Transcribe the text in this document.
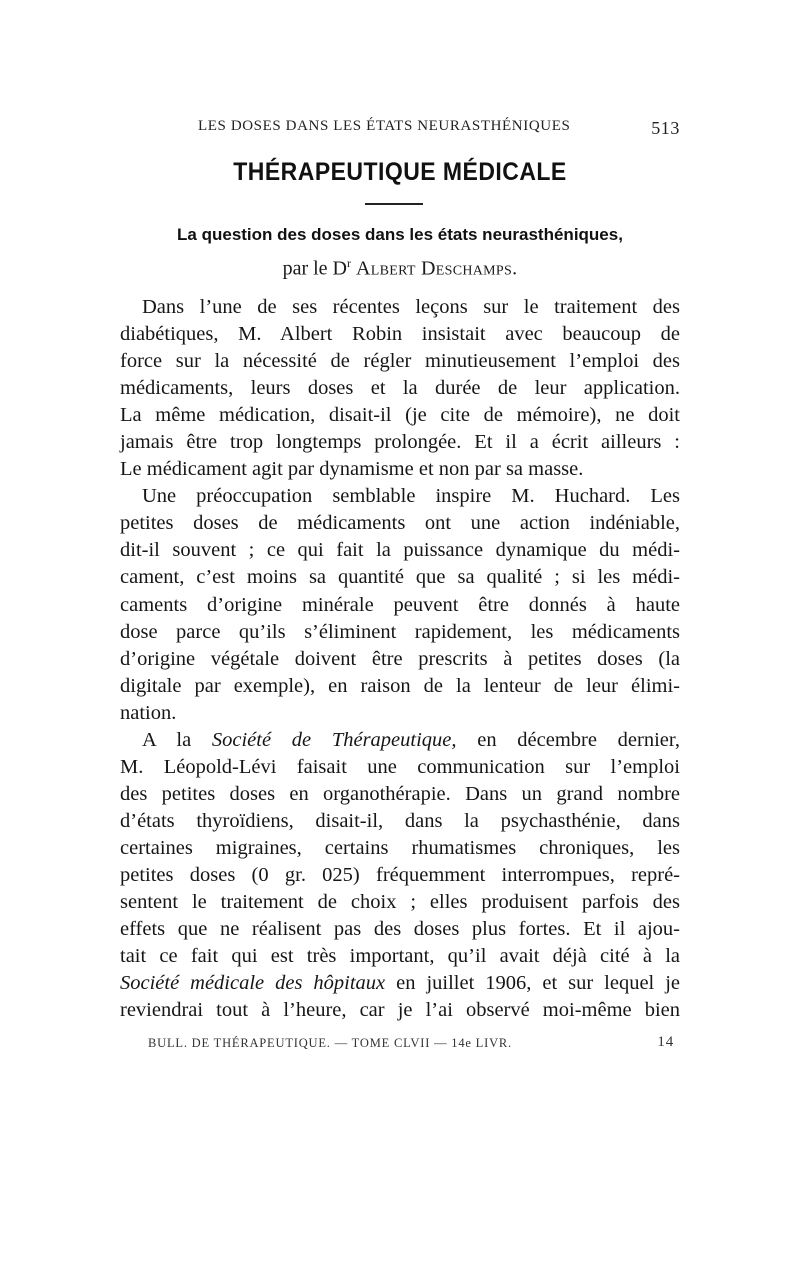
LES DOSES DANS LES ÉTATS NEURASTHÉNIQUES	513
THÉRAPEUTIQUE MÉDICALE
La question des doses dans les états neurasthéniques,
par le $D^r$ Albert Deschamps.
Dans l’une de ses récentes leçons sur le traitement des
diabétiques, M. Albert Robin insistait avec beaucoup de
force sur la nécessité de régler minutieusement l’emploi des
médicaments, leurs doses et la durée de leur application.
La même médication, disait-il (je cite de mémoire), ne doit
jamais être trop longtemps prolongée. Et il a écrit ailleurs :
Le médicament agit par dynamisme et non par sa masse.
Une préoccupation semblable inspire M. Huchard. Les
petites doses de médicaments ont une action indéniable,
dit-il souvent ; ce qui fait la puissance dynamique du médi-
cament, c’est moins sa quantité que sa qualité ; si les médi-
caments d’origine minérale peuvent être donnés à haute
dose parce qu’ils s’éliminent rapidement, les médicaments
d’origine végétale doivent être prescrits à petites doses (la
digitale par exemple), en raison de la lenteur de leur élimi-
nation.
A la Société de Thérapeutique, en décembre dernier,
M. Léopold-Lévi faisait une communication sur l’emploi
des petites doses en organothérapie. Dans un grand nombre
d’états thyroïdiens, disait-il, dans la psychasthénie, dans
certaines migraines, certains rhumatismes chroniques, les
petites doses (0 gr. 025) fréquemment interrompues, repré-
sentent le traitement de choix ; elles produisent parfois des
effets que ne réalisent pas des doses plus fortes. Et il ajou-
tait ce fait qui est très important, qu’il avait déjà cité à la
Société médicale des hôpitaux en juillet 1906, et sur lequel je
reviendrai tout à l’heure, car je l’ai observé moi-même bien
BULL. DE THÉRAPEUTIQUE. — TOME CLVII — 14e LIVR.	14
